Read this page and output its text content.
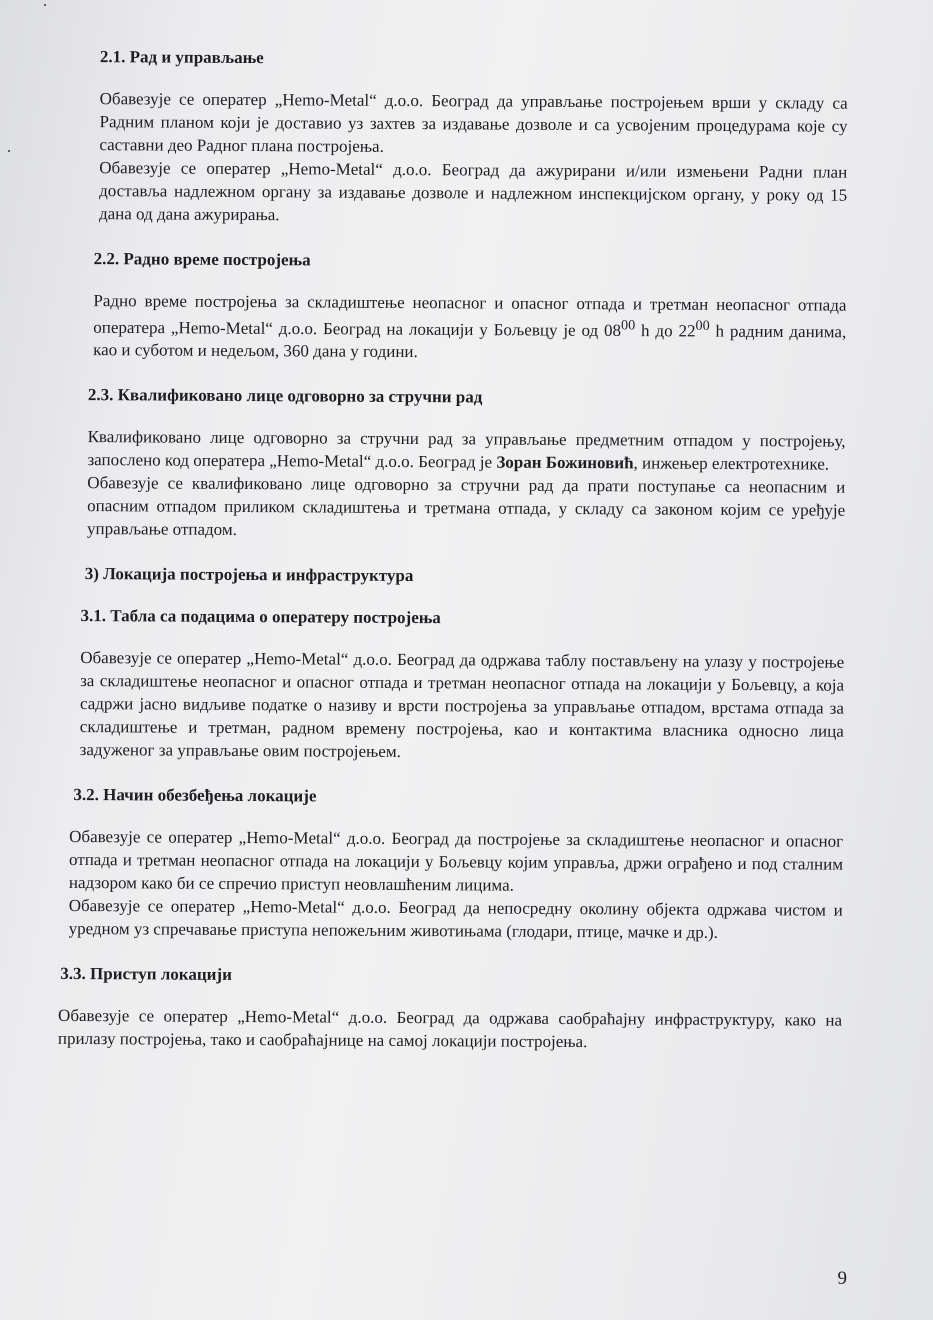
2.1. Рад и управљање

Обавезује се оператер „Hemo-Metal“ д.о.о. Београд да управљање постројењем врши у складу са Радним планом који је доставио уз захтев за издавање дозволе и са усвојеним процедурама које су саставни део Радног плана постројења.

Обавезује се оператер „Hemo-Metal“ д.о.о. Београд да ажурирани и/или измењени Радни план доставља надлежном органу за издавање дозволе и надлежном инспекцијском органу, у року од 15 дана од дана ажурирања.

2.2. Радно време постројења

Радно време постројења за складиштење неопасног и опасног отпада и третман неопасног отпада оператера „Hemo-Metal“ д.о.о. Београд на локацији у Бољевцу је од $08^{00}$ h до $22^{00}$ h радним данима, као и суботом и недељом, 360 дана у години.

2.3. Квалификовано лице одговорно за стручни рад

Квалификовано лице одговорно за стручни рад за управљање предметним отпадом у постројењу, запослено код оператера „Hemo-Metal“ д.о.о. Београд је Зоран Божиновић, инжењер електротехнике.

Обавезује се квалификовано лице одговорно за стручни рад да прати поступање са неопасним и опасним отпадом приликом складиштења и третмана отпада, у складу са законом којим се уређује управљање отпадом.

3) Локација постројења и инфраструктура

3.1. Табла са подацима о оператеру постројења

Обавезује се оператер „Hemo-Metal“ д.о.о. Београд да одржава таблу постављену на улазу у постројење за складиштење неопасног и опасног отпада и третман неопасног отпада на локацији у Бољевцу, а која садржи јасно видљиве податке о називу и врсти постројења за управљање отпадом, врстама отпада за складиштење и третман, радном времену постројења, као и контактима власника односно лица задуженог за управљање овим постројењем.

3.2. Начин обезбеђења локације

Обавезује се оператер „Hemo-Metal“ д.о.о. Београд да постројење за складиштење неопасног и опасног отпада и третман неопасног отпада на локацији у Бољевцу којим управља, држи ограђено и под сталним надзором како би се спречио приступ неовлашћеним лицима.

Обавезује се оператер „Hemo-Metal“ д.о.о. Београд да непосредну околину објекта одржава чистом и уредном уз спречавање приступа непожељним животињама (глодари, птице, мачке и др.).

3.3. Приступ локацији

Обавезује се оператер „Hemo-Metal“ д.о.о. Београд да одржава саобраћајну инфраструктуру, како на прилазу постројења, тако и саобраћајнице на самој локацији постројења.

9
